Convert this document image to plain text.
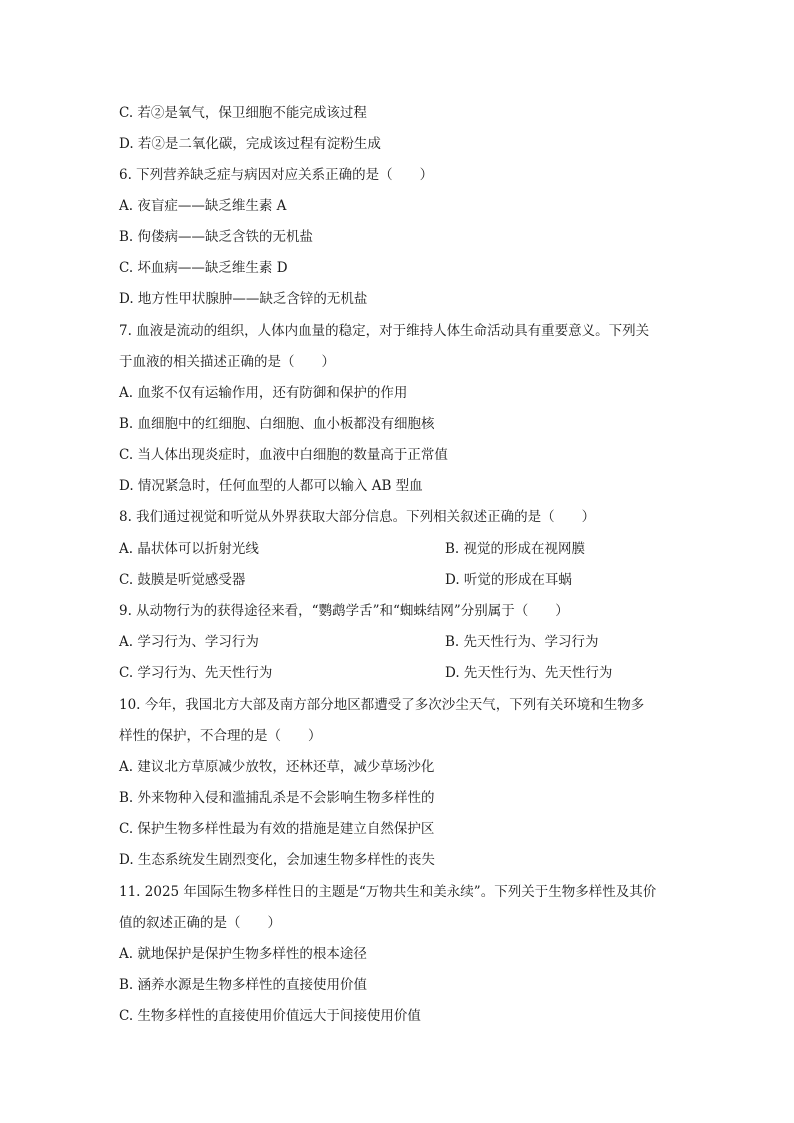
C. 若②是氧气，保卫细胞不能完成该过程
D. 若②是二氧化碳，完成该过程有淀粉生成
6. 下列营养缺乏症与病因对应关系正确的是（　　）
A. 夜盲症——缺乏维生素 A
B. 佝偻病——缺乏含铁的无机盐
C. 坏血病——缺乏维生素 D
D. 地方性甲状腺肿——缺乏含锌的无机盐
7. 血液是流动的组织，人体内血量的稳定，对于维持人体生命活动具有重要意义。下列关
于血液的相关描述正确的是（　　）
A. 血浆不仅有运输作用，还有防御和保护的作用
B. 血细胞中的红细胞、白细胞、血小板都没有细胞核
C. 当人体出现炎症时，血液中白细胞的数量高于正常值
D. 情况紧急时，任何血型的人都可以输入 AB 型血
8. 我们通过视觉和听觉从外界获取大部分信息。下列相关叙述正确的是（　　）
A. 晶状体可以折射光线	B. 视觉的形成在视网膜
C. 鼓膜是听觉感受器	D. 听觉的形成在耳蜗
9. 从动物行为的获得途径来看，“鹦鹉学舌”和“蜘蛛结网”分别属于（　　）
A. 学习行为、学习行为	B. 先天性行为、学习行为
C. 学习行为、先天性行为	D. 先天性行为、先天性行为
10. 今年，我国北方大部及南方部分地区都遭受了多次沙尘天气，下列有关环境和生物多
样性的保护，不合理的是（　　）
A. 建议北方草原减少放牧，还林还草，减少草场沙化
B. 外来物种入侵和滥捕乱杀是不会影响生物多样性的
C. 保护生物多样性最为有效的措施是建立自然保护区
D. 生态系统发生剧烈变化，会加速生物多样性的丧失
11. 2025 年国际生物多样性日的主题是“万物共生和美永续”。下列关于生物多样性及其价
值的叙述正确的是（　　）
A. 就地保护是保护生物多样性的根本途径
B. 涵养水源是生物多样性的直接使用价值
C. 生物多样性的直接使用价值远大于间接使用价值
